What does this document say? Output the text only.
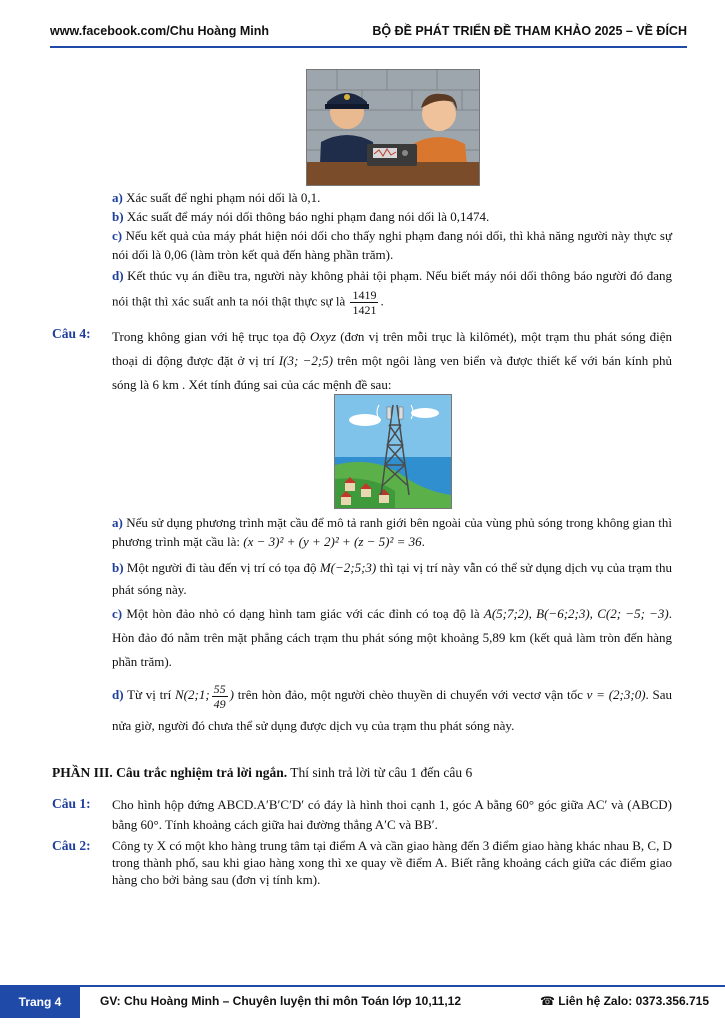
www.facebook.com/Chu Hoàng Minh	BỘ ĐỀ PHÁT TRIỂN ĐỀ THAM KHẢO 2025 – VỀ ĐÍCH
a) Xác suất để nghi phạm nói dối là 0,1.
b) Xác suất để máy nói dối thông báo nghi phạm đang nói dối là 0,1474.
c) Nếu kết quả của máy phát hiện nói dối cho thấy nghi phạm đang nói dối, thì khả năng người này thực sự nói dối là 0,06 (làm tròn kết quả đến hàng phần trăm).
d) Kết thúc vụ án điều tra, người này không phải tội phạm. Nếu biết máy nói dối thông báo người đó đang nói thật thì xác suất anh ta nói thật thực sự là $\frac{1419}{1421}$ .
Câu 4: Trong không gian với hệ trục tọa độ Oxyz (đơn vị trên mỗi trục là kilômét), một trạm thu phát sóng điện thoại di động được đặt ở vị trí I(3; −2;5) trên một ngôi làng ven biển và được thiết kế với bán kính phủ sóng là 6 km . Xét tính đúng sai của các mệnh đề sau:
a) Nếu sử dụng phương trình mặt cầu để mô tả ranh giới bên ngoài của vùng phủ sóng trong không gian thì phương trình mặt cầu là: (x − 3)² + (y + 2)² + (z − 5)² = 36.
b) Một người đi tàu đến vị trí có tọa độ M(−2;5;3) thì tại vị trí này vẫn có thể sử dụng dịch vụ của trạm thu phát sóng này.
c) Một hòn đảo nhỏ có dạng hình tam giác với các đỉnh có toạ độ là A(5;7;2), B(−6;2;3), C(2; −5; −3). Hòn đảo đó nằm trên mặt phẳng cách trạm thu phát sóng một khoảng 5,89 km (kết quả làm tròn đến hàng phần trăm).
d) Từ vị trí N(2;1; $\frac{55}{49}$ ) trên hòn đảo, một người chèo thuyền di chuyển với vectơ vận tốc v = (2;3;0). Sau nửa giờ, người đó chưa thể sử dụng được dịch vụ của trạm thu phát sóng này.
PHẦN III. Câu trắc nghiệm trả lời ngắn. Thí sinh trả lời từ câu 1 đến câu 6
Câu 1: Cho hình hộp đứng ABCD.A′B′C′D′ có đáy là hình thoi cạnh 1, góc A bằng 60° góc giữa AC′ và (ABCD) bằng 60°. Tính khoảng cách giữa hai đường thẳng A′C và BB′.
Câu 2: Công ty X có một kho hàng trung tâm tại điểm A và cần giao hàng đến 3 điểm giao hàng khác nhau B, C, D trong thành phố, sau khi giao hàng xong thì xe quay về điểm A. Biết rằng khoảng cách giữa các điểm giao hàng cho bởi bảng sau (đơn vị tính km).
Trang 4	GV: Chu Hoàng Minh – Chuyên luyện thi môn Toán lớp 10,11,12	☎ Liên hệ Zalo: 0373.356.715
